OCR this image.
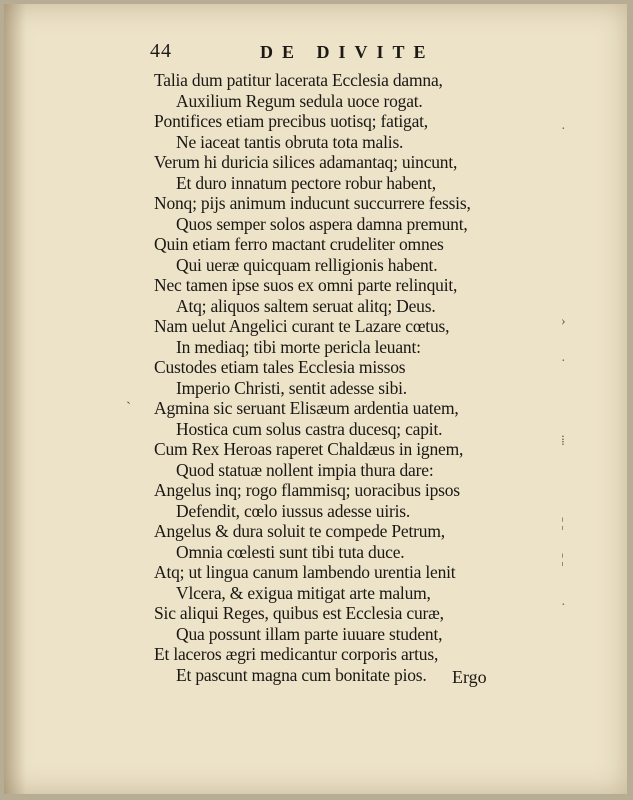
44	DE DIVITE
Talia dum patitur lacerata Ecclesia damna,
Auxilium Regum sedula uoce rogat.
Pontifices etiam precibus uotisq; fatigat,
Ne iaceat tantis obruta tota malis.
Verum hi duricia silices adamantaq; uincunt,
Et duro innatum pectore robur habent,
Nonq; pijs animum inducunt succurrere fessis,
Quos semper solos aspera damna premunt,
Quin etiam ferro mactant crudeliter omnes
Qui ueræ quicquam relligionis habent.
Nec tamen ipse suos ex omni parte relinquit,
Atq; aliquos saltem seruat alitq; Deus.
Nam uelut Angelici curant te Lazare cœtus,
In mediaq; tibi morte pericla leuant:
Custodes etiam tales Ecclesia missos
Imperio Christi, sentit adesse sibi.
Agmina sic seruant Elisæum ardentia uatem,
Hostica cum solus castra ducesq; capit.
Cum Rex Heroas raperet Chaldæus in ignem,
Quod statuæ nollent impia thura dare:
Angelus inq; rogo flammisq; uoracibus ipsos
Defendit, cœlo iussus adesse uiris.
Angelus & dura soluit te compede Petrum,
Omnia cœlesti sunt tibi tuta duce.
Atq; ut lingua canum lambendo urentia lenit
Vlcera, & exigua mitigat arte malum,
Sic aliqui Reges, quibus est Ecclesia curæ,
Qua possunt illam parte iuuare student,
Et laceros ægri medicantur corporis artus,
Et pascunt magna cum bonitate pios.	Ergo
ˏ
·
›
·
⁞
¦
¦
·
